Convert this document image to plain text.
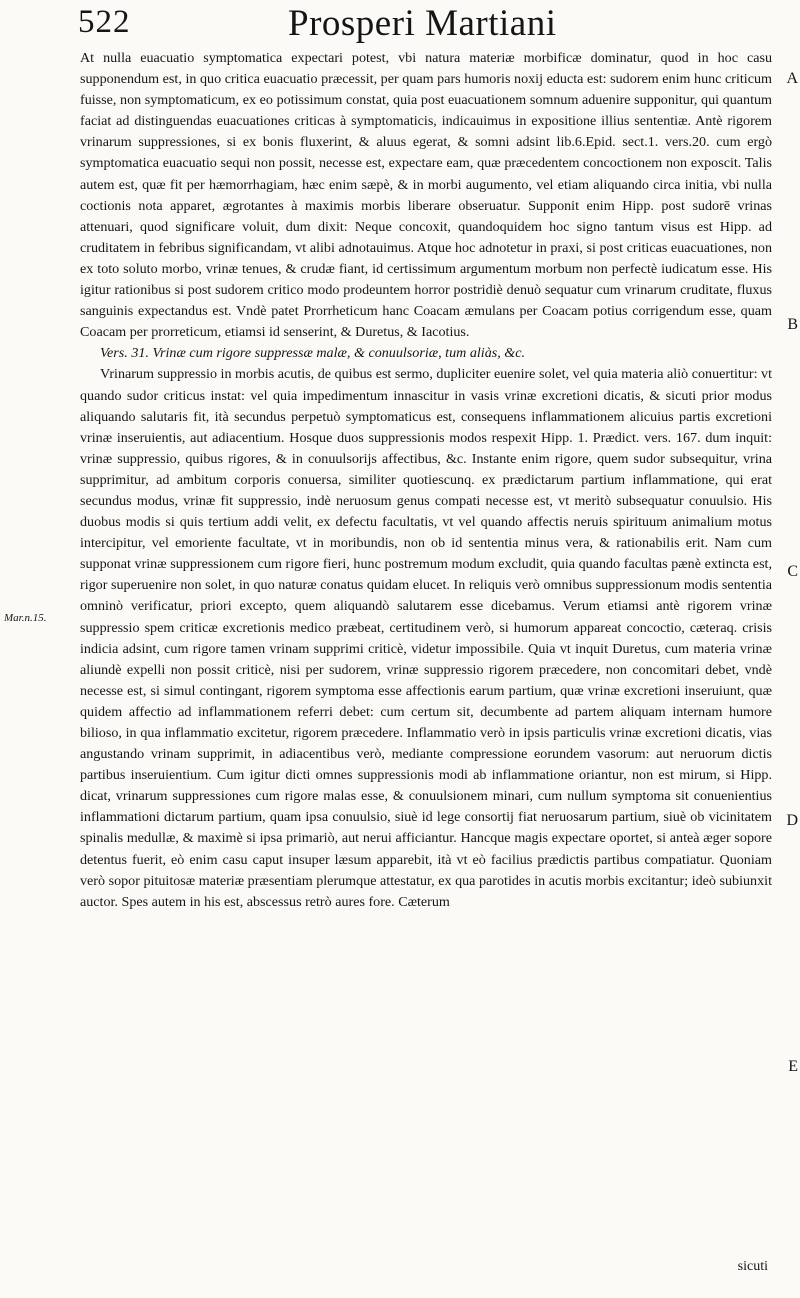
522	Prosperi Martiani

At nulla euacuatio symptomatica expectari potest, vbi natura materiæ morbificæ dominatur, quod in hoc casu supponendum est, in quo critica euacuatio præcessit, per quam pars humoris noxij educta est: sudorem enim hunc criticum fuisse, non symptomaticum, ex eo potissimum constat, quia post euacuationem somnum aduenire supponitur, qui quantum faciat ad distinguendas euacuationes criticas à symptomaticis, indicauimus in expositione illius sententiæ. Antè rigorem vrinarum suppressiones, si ex bonis fluxerint, & aluus egerat, & somni adsint lib.6.Epid. sect.1. vers.20. cum ergò symptomatica euacuatio sequi non possit, necesse est, expectare eam, quæ præcedentem concoctionem non exposcit. Talis autem est, quæ fit per hæmorrhagiam, hæc enim sæpè, & in morbi augumento, vel etiam aliquando circa initia, vbi nulla coctionis nota apparet, ægrotantes à maximis morbis liberare obseruatur. Supponit enim Hipp. post sudorē vrinas attenuari, quod significare voluit, dum dixit: Neque concoxit, quandoquidem hoc signo tantum visus est Hipp. ad cruditatem in febribus significandam, vt alibi adnotauimus. Atque hoc adnotetur in praxi, si post criticas euacuationes, non ex toto soluto morbo, vrinæ tenues, & crudæ fiant, id certissimum argumentum morbum non perfectè iudicatum esse. His igitur rationibus si post sudorem critico modo prodeuntem horror postridiè denuò sequatur cum vrinarum cruditate, fluxus sanguinis expectandus est. Vndè patet Prorrheticum hanc Coacam æmulans per Coacam potius corrigendum esse, quam Coacam per prorreticum, etiamsi id senserint, & Duretus, & Iacotius.

Vers. 31. Vrinæ cum rigore suppressæ malæ, & conuulsoriæ, tum aliàs, &c.

Vrinarum suppressio in morbis acutis, de quibus est sermo, dupliciter euenire solet, vel quia materia aliò conuertitur: vt quando sudor criticus instat: vel quia impedimentum innascitur in vasis vrinæ excretioni dicatis, & sicuti prior modus aliquando salutaris fit, ità secundus perpetuò symptomaticus est, consequens inflammationem alicuius partis excretioni vrinæ inseruientis, aut adiacentium. Hosque duos suppressionis modos respexit Hipp. 1. Prædict. vers. 167. dum inquit: vrinæ suppressio, quibus rigores, & in conuulsorijs affectibus, &c. Instante enim rigore, quem sudor subsequitur, vrina supprimitur, ad ambitum corporis conuersa, similiter quotiescunq. ex prædictarum partium inflammatione, qui erat secundus modus, vrinæ fit suppressio, indè neruosum genus compati necesse est, vt meritò subsequatur conuulsio. His duobus modis si quis tertium addi velit, ex defectu facultatis, vt vel quando affectis neruis spirituum animalium motus intercipitur, vel emoriente facultate, vt in moribundis, non ob id sententia minus vera, & rationabilis erit. Nam cum supponat vrinæ suppressionem cum rigore fieri, hunc postremum modum excludit, quia quando facultas pænè extincta est, rigor superuenire non solet, in quo naturæ conatus quidam elucet. In reliquis verò omnibus suppressionum modis sententia omninò verificatur, priori excepto, quem aliquandò salutarem esse dicebamus. Verum etiamsi antè rigorem vrinæ suppressio spem criticæ excretionis medico præbeat, certitudinem verò, si humorum appareat concoctio, cæteraq. crisis indicia adsint, cum rigore tamen vrinam supprimi criticè, videtur impossibile. Quia vt inquit Duretus, cum materia vrinæ aliundè expelli non possit criticè, nisi per sudorem, vrinæ suppressio rigorem præcedere, non concomitari debet, vndè necesse est, si simul contingant, rigorem symptoma esse affectionis earum partium, quæ vrinæ excretioni inseruiunt, quæ quidem affectio ad inflammationem referri debet: cum certum sit, decumbente ad partem aliquam internam humore bilioso, in qua inflammatio excitetur, rigorem præcedere. Inflammatio verò in ipsis particulis vrinæ excretioni dicatis, vias angustando vrinam supprimit, in adiacentibus verò, mediante compressione eorundem vasorum: aut neruorum dictis partibus inseruientium. Cum igitur dicti omnes suppressionis modi ab inflammatione oriantur, non est mirum, si Hipp. dicat, vrinarum suppressiones cum rigore malas esse, & conuulsionem minari, cum nullum symptoma sit conuenientius inflammationi dictarum partium, quam ipsa conuulsio, siuè id lege consortij fiat neruosarum partium, siuè ob vicinitatem spinalis medullæ, & maximè si ipsa primariò, aut nerui afficiantur. Hancque magis expectare oportet, si anteà æger sopore detentus fuerit, eò enim casu caput insuper læsum apparebit, ità vt eò facilius prædictis partibus compatiatur. Quoniam verò sopor pituitosæ materiæ præsentiam plerumque attestatur, ex qua parotides in acutis morbis excitantur; ideò subiunxit auctor. Spes autem in his est, abscessus retrò aures fore. Cæterum

A
B
C
D
E
Mar.n.15.
sicuti
